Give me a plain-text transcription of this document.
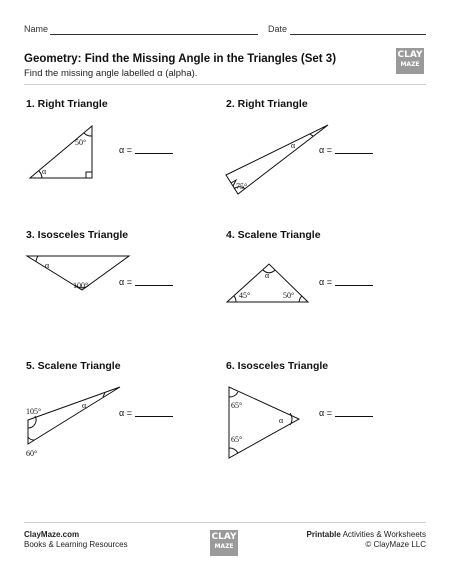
Name	Date
Geometry: Find the Missing Angle in the Triangles (Set 3)
Find the missing angle labelled α (alpha).
CLAY
MAZE
1. Right Triangle	2. Right Triangle
3. Isosceles Triangle	4. Scalene Triangle
5. Scalene Triangle	6. Isosceles Triangle
α =	α =
α =	α =
α =	α =
50°
α
α
75°
α
100°
α
45°	50°
105°
α
60°
65°
α
65°
ClayMaze.com
Books & Learning Resources
CLAY
MAZE
Printable Activities & Worksheets
© ClayMaze LLC
